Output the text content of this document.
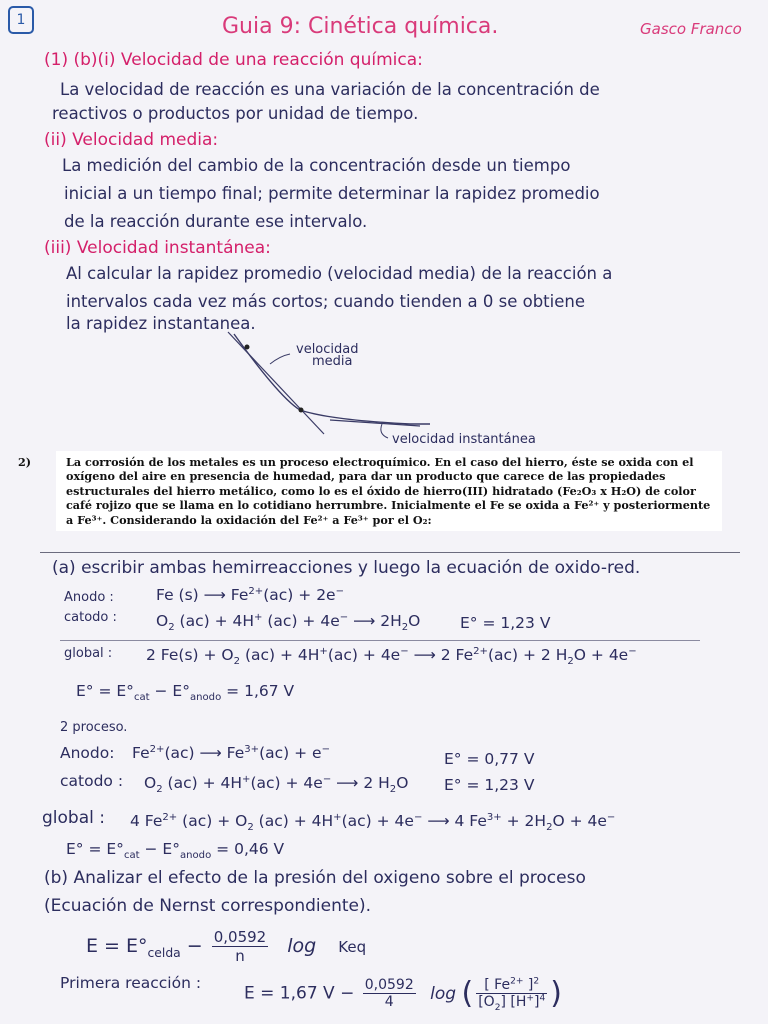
1	Guia 9: Cinética química.	Gasco Franco
(1) (b)(i) Velocidad de una reacción química:
La velocidad de reacción es una variación de la concentración de
reactivos o productos por unidad de tiempo.
(ii) Velocidad media:
La medición del cambio de la concentración desde un tiempo
inicial a un tiempo final; permite determinar la rapidez promedio
de la reacción durante ese intervalo.
(iii) Velocidad instantánea:
Al calcular la rapidez promedio (velocidad media) de la reacción a
intervalos cada vez más cortos; cuando tienden a 0 se obtiene
la rapidez instantanea.
velocidad
media
velocidad instantánea
2)	La corrosión de los metales es un proceso electroquímico. En el caso del hierro, éste se oxida con el oxígeno del aire en presencia de humedad, para dar un producto que carece de las propiedades estructurales del hierro metálico, como lo es el óxido de hierro(III) hidratado (Fe₂O₃ x H₂O) de color café rojizo que se llama en lo cotidiano herrumbre. Inicialmente el Fe se oxida a Fe²⁺ y posteriormente a Fe³⁺. Considerando la oxidación del Fe²⁺ a Fe³⁺ por el O₂:
(a) escribir ambas hemirreacciones y luego la ecuación de oxido-red.
Anodo :	Fe (s) ⟶ $Fe^{2+}(ac) + 2e^-$
catodo :	$O_2$ (ac) + 4H+ (ac) + 4e− ⟶ $2H_2O$	E° = 1,23 V
global : 2 $Fe(s) + O_2$ (ac) + 4H+(ac) + 4e− ⟶ 2 $Fe^{2+}(ac) + 2$ $H_2O + 4e^-$
$E^\circ = E^\circ_{cat} - E^\circ_{anodo} = 1,67$ V
2 proceso.
Anodo: $Fe^{2+}(ac)$ ⟶ $Fe^{3+}(ac) + e^-$
E° = 0,77 V
catodo : $O_2$ (ac) + 4H+(ac) + 4e− ⟶ 2 $H_2O$ E° = 1,23 V
global : 4 $Fe^{2+}$ $(ac) + O_2$ (ac) + 4H+(ac) + 4e− ⟶ 4 $Fe^{3+} + 2H_2O + 4e^-$
$E^\circ = E^\circ_{cat} - E^\circ_{anodo} = 0,46$ V
(b) Analizar el efecto de la presión del oxigeno sobre el proceso
(Ecuación de Nernst correspondiente).
$E = E^\circ_{celda} - \frac{0,0592}{n}$ log Keq
Primera reacción :
E = 1,67 $V - \frac{0,0592}{4}$ log ( $\frac{[ Fe^{2+} ]^2}{[O_2] [H^+]^4}$ )
